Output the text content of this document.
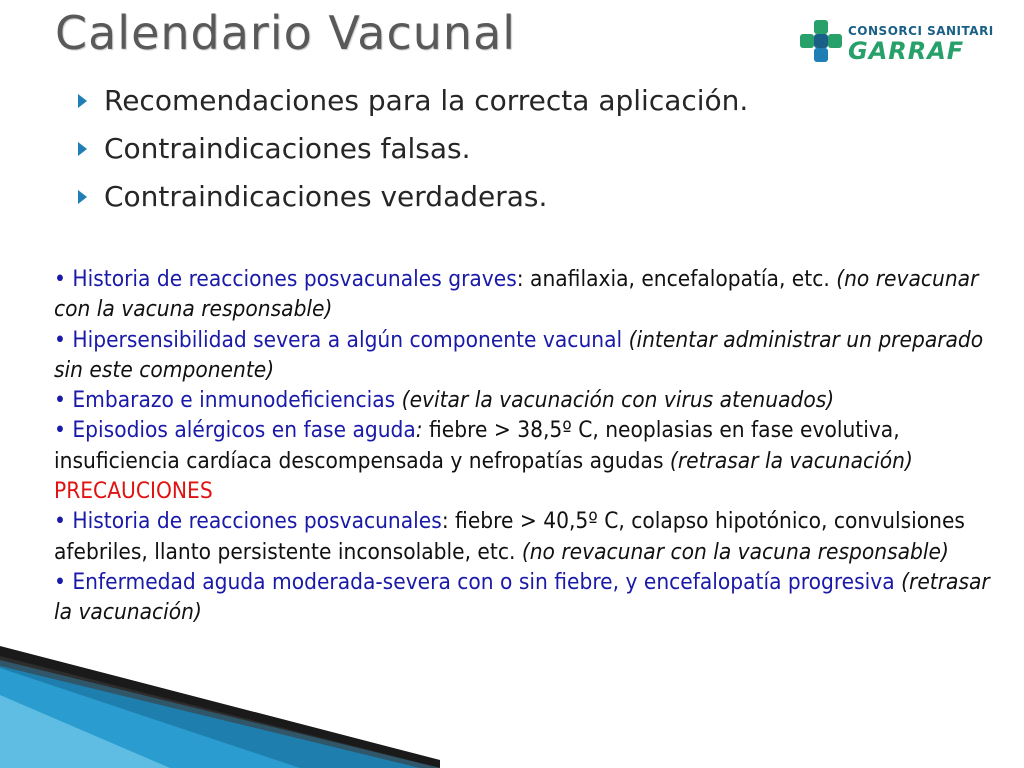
Calendario Vacunal	CONSORCI SANITARI
GARRAF
Recomendaciones para la correcta aplicación.
Contraindicaciones falsas.
Contraindicaciones verdaderas.

• Historia de reacciones posvacunales graves: anafilaxia, encefalopatía, etc. (no revacunar con la vacuna responsable)

• Hipersensibilidad severa a algún componente vacunal (intentar administrar un preparado sin este componente)

• Embarazo e inmunodeficiencias (evitar la vacunación con virus atenuados)

• Episodios alérgicos en fase aguda: fiebre > 38,5º C, neoplasias en fase evolutiva, insuficiencia cardíaca descompensada y nefropatías agudas (retrasar la vacunación)

PRECAUCIONES

• Historia de reacciones posvacunales: fiebre > 40,5º C, colapso hipotónico, convulsiones afebriles, llanto persistente inconsolable, etc. (no revacunar con la vacuna responsable)

• Enfermedad aguda moderada-severa con o sin fiebre, y encefalopatía progresiva (retrasar la vacunación)
